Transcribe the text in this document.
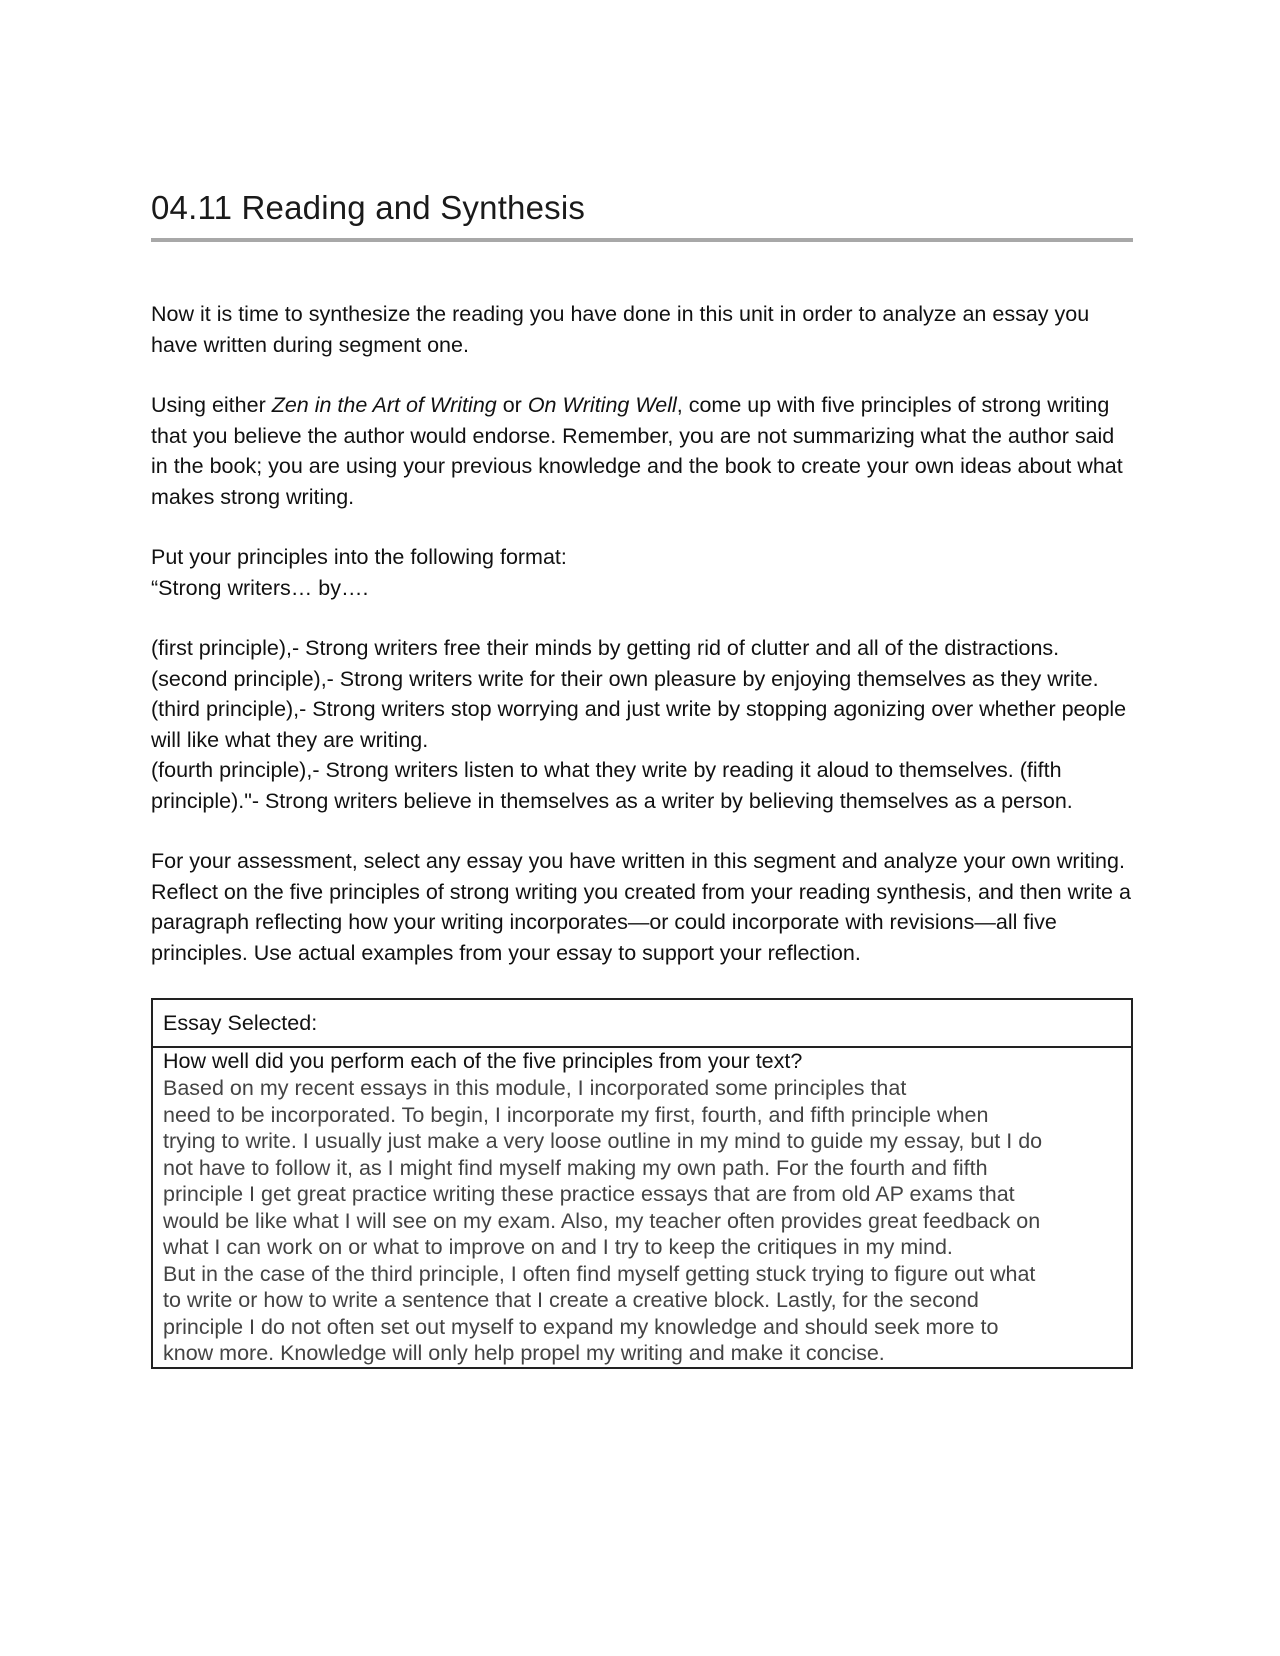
04.11 Reading and Synthesis

Now it is time to synthesize the reading you have done in this unit in order to analyze an essay you have written during segment one.

Using either Zen in the Art of Writing or On Writing Well, come up with five principles of strong writing that you believe the author would endorse. Remember, you are not summarizing what the author said in the book; you are using your previous knowledge and the book to create your own ideas about what makes strong writing.

Put your principles into the following format:
“Strong writers… by….

(first principle),- Strong writers free their minds by getting rid of clutter and all of the distractions.
(second principle),- Strong writers write for their own pleasure by enjoying themselves as they write.
(third principle),- Strong writers stop worrying and just write by stopping agonizing over whether people will like what they are writing.
(fourth principle),- Strong writers listen to what they write by reading it aloud to themselves. (fifth principle)."- Strong writers believe in themselves as a writer by believing themselves as a person.

For your assessment, select any essay you have written in this segment and analyze your own writing. Reflect on the five principles of strong writing you created from your reading synthesis, and then write a paragraph reflecting how your writing incorporates—or could incorporate with revisions—all five principles. Use actual examples from your essay to support your reflection.

Essay Selected:

How well did you perform each of the five principles from your text?
Based on my recent essays in this module, I incorporated some principles that
need to be incorporated. To begin, I incorporate my first, fourth, and fifth principle when
trying to write. I usually just make a very loose outline in my mind to guide my essay, but I do
not have to follow it, as I might find myself making my own path. For the fourth and fifth
principle I get great practice writing these practice essays that are from old AP exams that
would be like what I will see on my exam. Also, my teacher often provides great feedback on
what I can work on or what to improve on and I try to keep the critiques in my mind.
But in the case of the third principle, I often find myself getting stuck trying to figure out what
to write or how to write a sentence that I create a creative block. Lastly, for the second
principle I do not often set out myself to expand my knowledge and should seek more to
know more. Knowledge will only help propel my writing and make it concise.
